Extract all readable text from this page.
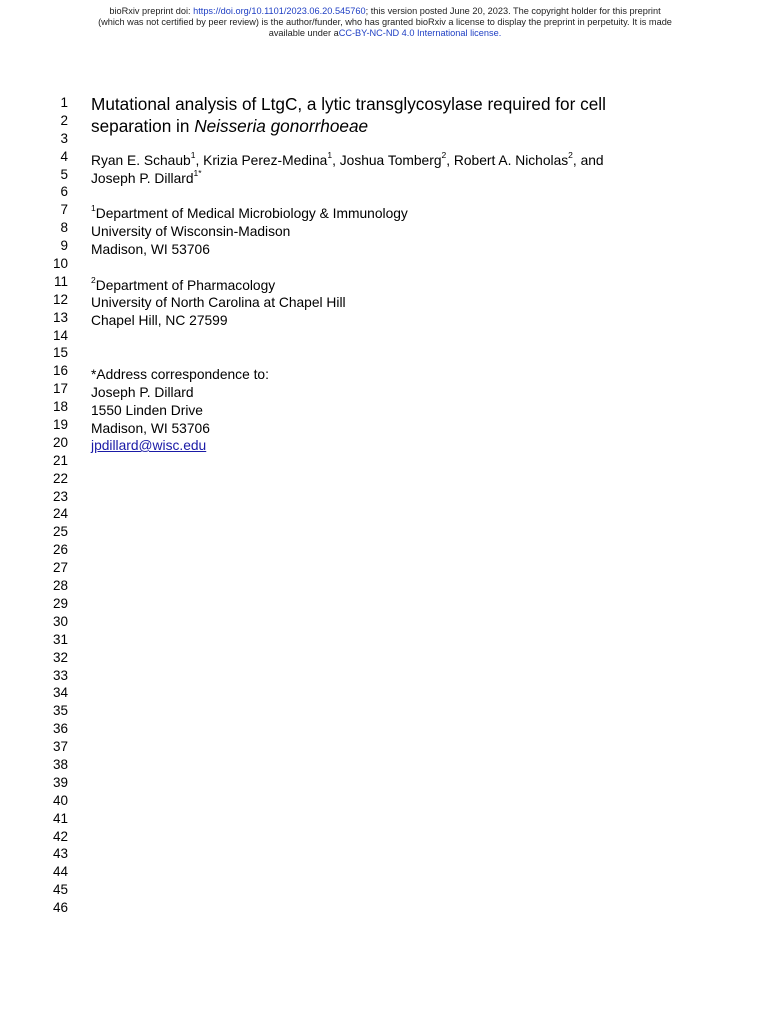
bioRxiv preprint doi: https://doi.org/10.1101/2023.06.20.545760; this version posted June 20, 2023. The copyright holder for this preprint
(which was not certified by peer review) is the author/funder, who has granted bioRxiv a license to display the preprint in perpetuity. It is made
available under aCC-BY-NC-ND 4.0 International license.
1
2
3
4
5
6
7
8
9
10
11
12
13
14
15
16
17
18
19
20
21
22
23
24
25
26
27
28
29
30
31
32
33
34
35
36
37
38
39
40
41
42
43
44
45
46
Mutational analysis of LtgC, a lytic transglycosylase required for cell
separation in Neisseria gonorrhoeae
Ryan E. Schaub$^1$, Krizia Perez-Medina$^1$, Joshua Tomberg$^2$, Robert A. Nicholas$^2$, and
Joseph P. Dillard$^{1*}$
$^1$Department of Medical Microbiology & Immunology
University of Wisconsin-Madison
Madison, WI 53706
$^2$Department of Pharmacology
University of North Carolina at Chapel Hill
Chapel Hill, NC 27599
*Address correspondence to:
Joseph P. Dillard
1550 Linden Drive
Madison, WI 53706
jpdillard@wisc.edu
